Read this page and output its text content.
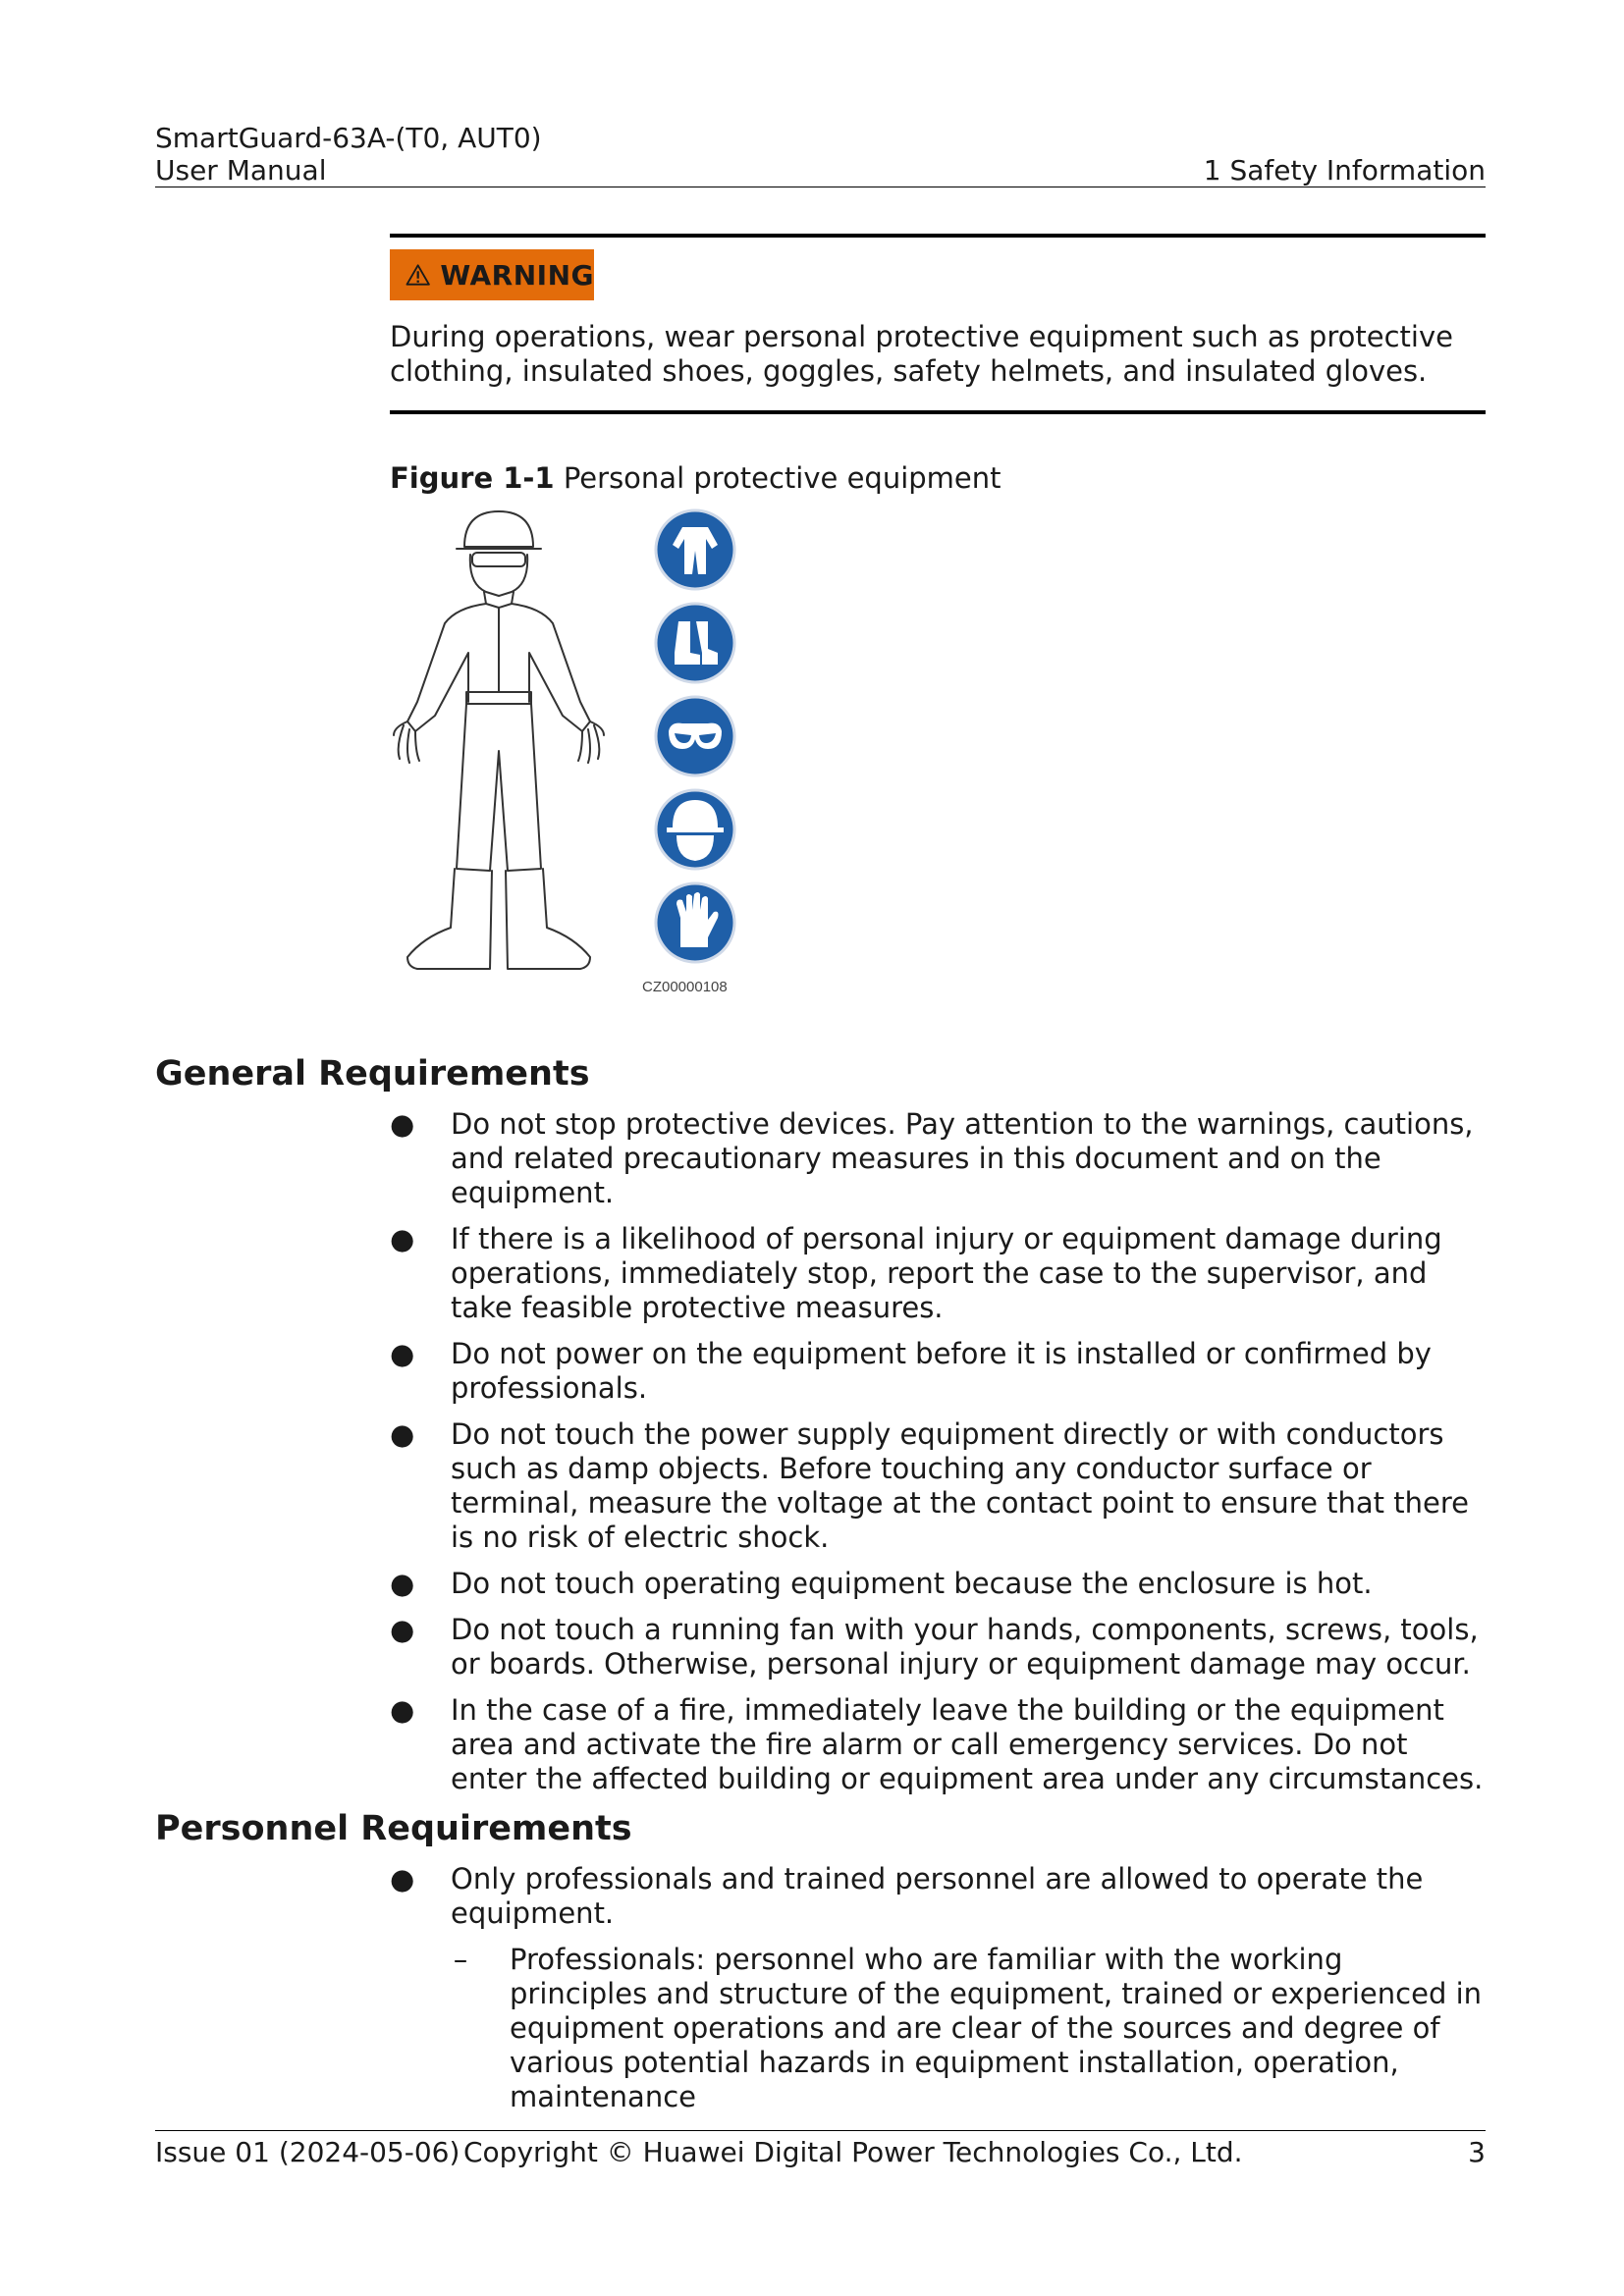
SmartGuard-63A-(T0, AUT0)
User Manual	1 Safety Information
WARNING
During operations, wear personal protective equipment such as protective clothing, insulated shoes, goggles, safety helmets, and insulated gloves.
Figure 1-1 Personal protective equipment
CZ00000108
General Requirements
● Do not stop protective devices. Pay attention to the warnings, cautions, and related precautionary measures in this document and on the equipment.
● If there is a likelihood of personal injury or equipment damage during operations, immediately stop, report the case to the supervisor, and take feasible protective measures.
● Do not power on the equipment before it is installed or confirmed by professionals.
● Do not touch the power supply equipment directly or with conductors such as damp objects. Before touching any conductor surface or terminal, measure the voltage at the contact point to ensure that there is no risk of electric shock.
● Do not touch operating equipment because the enclosure is hot.
● Do not touch a running fan with your hands, components, screws, tools, or boards. Otherwise, personal injury or equipment damage may occur.
● In the case of a fire, immediately leave the building or the equipment area and activate the fire alarm or call emergency services. Do not enter the affected building or equipment area under any circumstances.
Personnel Requirements
● Only professionals and trained personnel are allowed to operate the equipment.
– Professionals: personnel who are familiar with the working principles and structure of the equipment, trained or experienced in equipment operations and are clear of the sources and degree of various potential hazards in equipment installation, operation, maintenance
Issue 01 (2024-05-06) Copyright © Huawei Digital Power Technologies Co., Ltd.	3
